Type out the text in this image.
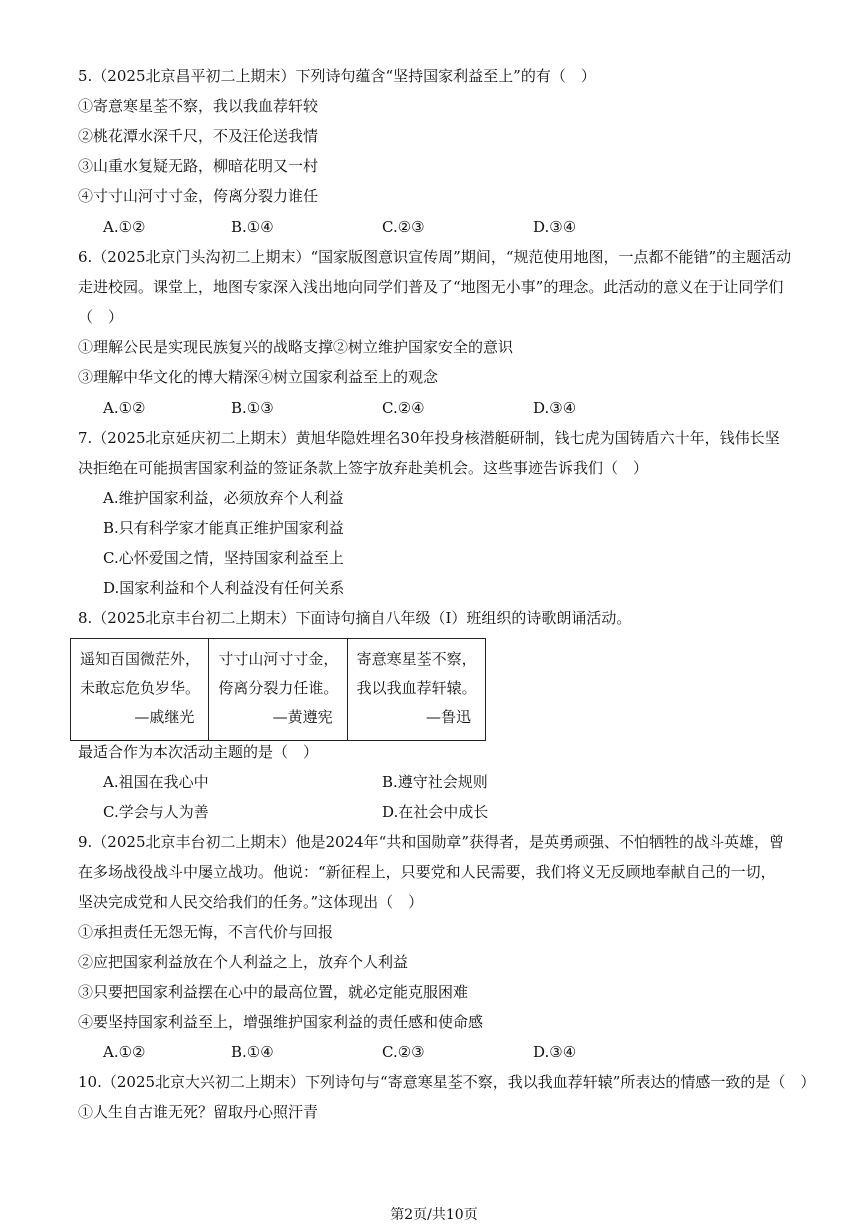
5.（2025北京昌平初二上期末）下列诗句蕴含“坚持国家利益至上”的有（　）
①寄意寒星荃不察，我以我血荐轩较
②桃花潭水深千尺，不及汪伦送我情
③山重水复疑无路，柳暗花明又一村
④寸寸山河寸寸金，侉离分裂力谁任
A.①②	B.①④	C.②③	D.③④
6.（2025北京门头沟初二上期末）“国家版图意识宣传周”期间，“规范使用地图，一点都不能错”的主题活动
走进校园。课堂上，地图专家深入浅出地向同学们普及了“地图无小事”的理念。此活动的意义在于让同学们
（　）
①理解公民是实现民族复兴的战略支撑②树立维护国家安全的意识
③理解中华文化的博大精深④树立国家利益至上的观念
A.①②	B.①③	C.②④	D.③④
7.（2025北京延庆初二上期末）黄旭华隐姓埋名30年投身核潜艇研制，钱七虎为国铸盾六十年，钱伟长坚
决拒绝在可能损害国家利益的签证条款上签字放弃赴美机会。这些事迹告诉我们（　）
A.维护国家利益，必须放弃个人利益
B.只有科学家才能真正维护国家利益
C.心怀爱国之情，坚持国家利益至上
D.国家利益和个人利益没有任何关系
8.（2025北京丰台初二上期末）下面诗句摘自八年级（I）班组织的诗歌朗诵活动。
遥知百国微茫外，
未敢忘危负岁华。
—戚继光

寸寸山河寸寸金，
侉离分裂力任谁。
—黄遵宪

寄意寒星荃不察，
我以我血荐轩辕。
—鲁迅
最适合作为本次活动主题的是（　）
A.祖国在我心中	B.遵守社会规则
C.学会与人为善	D.在社会中成长
9.（2025北京丰台初二上期末）他是2024年“共和国勋章”获得者，是英勇顽强、不怕牺牲的战斗英雄，曾
在多场战役战斗中屡立战功。他说：“新征程上，只要党和人民需要，我们将义无反顾地奉献自己的一切，
坚决完成党和人民交给我们的任务。”这体现出（　）
①承担责任无怨无悔，不言代价与回报
②应把国家利益放在个人利益之上，放弃个人利益
③只要把国家利益摆在心中的最高位置，就必定能克服困难
④要坚持国家利益至上，增强维护国家利益的责任感和使命感
A.①②	B.①④	C.②③	D.③④
10.（2025北京大兴初二上期末）下列诗句与“寄意寒星荃不察，我以我血荐轩辕”所表达的情感一致的是（　）
①人生自古谁无死？留取丹心照汗青
第2页/共10页
